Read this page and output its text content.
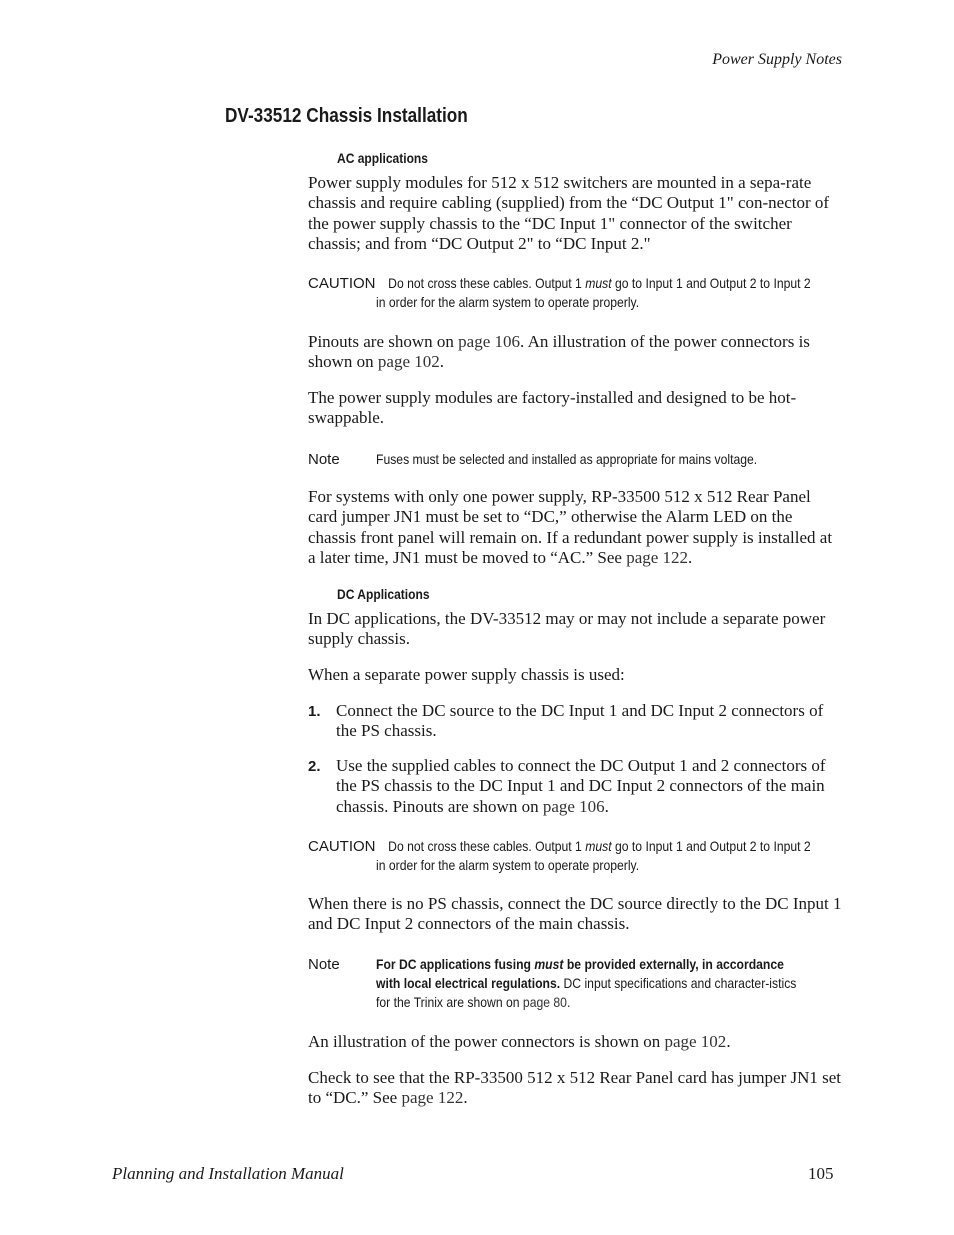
Power Supply Notes
DV-33512 Chassis Installation
AC applications
Power supply modules for 512 x 512 switchers are mounted in a sepa-rate chassis and require cabling (supplied) from the “DC Output 1" con-nector of the power supply chassis to the “DC Input 1" connector of the switcher chassis; and from “DC Output 2" to “DC Input 2."
CAUTION Do not cross these cables. Output 1 must go to Input 1 and Output 2 to Input 2 in order for the alarm system to operate properly.
Pinouts are shown on page 106. An illustration of the power connectors is shown on page 102.
The power supply modules are factory-installed and designed to be hot-swappable.
Note	Fuses must be selected and installed as appropriate for mains voltage.
For systems with only one power supply, RP-33500 512 x 512 Rear Panel card jumper JN1 must be set to “DC,” otherwise the Alarm LED on the chassis front panel will remain on. If a redundant power supply is installed at a later time, JN1 must be moved to “AC.” See page 122.
DC Applications
In DC applications, the DV-33512 may or may not include a separate power supply chassis.
When a separate power supply chassis is used:
1. Connect the DC source to the DC Input 1 and DC Input 2 connectors of the PS chassis.
2. Use the supplied cables to connect the DC Output 1 and 2 connectors of the PS chassis to the DC Input 1 and DC Input 2 connectors of the main chassis. Pinouts are shown on page 106.
CAUTION Do not cross these cables. Output 1 must go to Input 1 and Output 2 to Input 2 in order for the alarm system to operate properly.
When there is no PS chassis, connect the DC source directly to the DC Input 1 and DC Input 2 connectors of the main chassis.
Note	For DC applications fusing must be provided externally, in accordance with local electrical regulations. DC input specifications and character-istics for the Trinix are shown on page 80.
An illustration of the power connectors is shown on page 102.
Check to see that the RP-33500 512 x 512 Rear Panel card has jumper JN1 set to “DC.” See page 122.
Planning and Installation Manual	105
